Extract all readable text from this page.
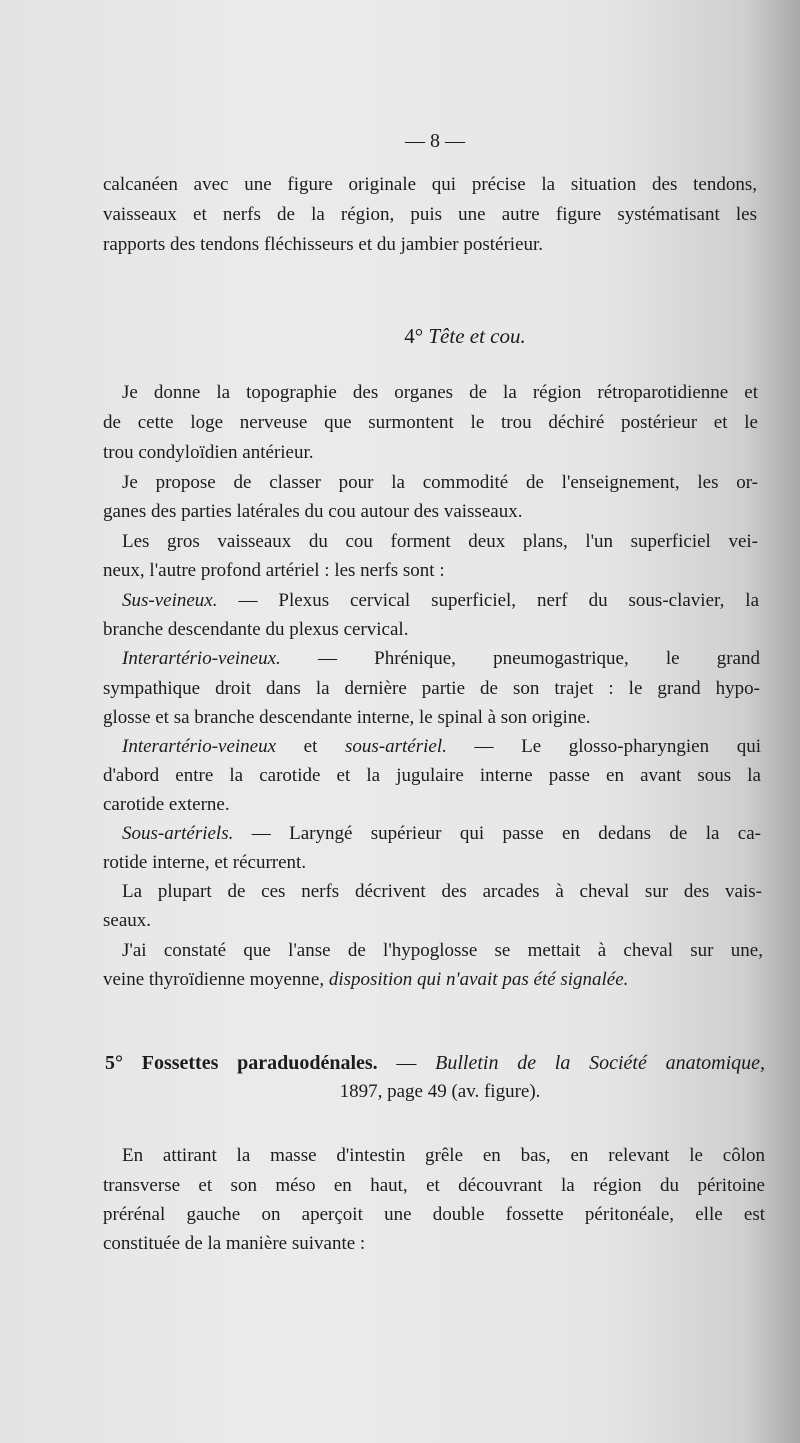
— 8 —
calcanéen avec une figure originale qui précise la situation des tendons,
vaisseaux et nerfs de la région, puis une autre figure systématisant les
rapports des tendons fléchisseurs et du jambier postérieur.
4° Tête et cou.
Je donne la topographie des organes de la région rétroparotidienne et
de cette loge nerveuse que surmontent le trou déchiré postérieur et le
trou condyloïdien antérieur.
Je propose de classer pour la commodité de l'enseignement, les or-
ganes des parties latérales du cou autour des vaisseaux.
Les gros vaisseaux du cou forment deux plans, l'un superficiel vei-
neux, l'autre profond artériel : les nerfs sont :
Sus-veineux. — Plexus cervical superficiel, nerf du sous-clavier, la
branche descendante du plexus cervical.
Interartério-veineux. — Phrénique, pneumogastrique, le grand
sympathique droit dans la dernière partie de son trajet : le grand hypo-
glosse et sa branche descendante interne, le spinal à son origine.
Interartério-veineux et sous-artériel. — Le glosso-pharyngien qui
d'abord entre la carotide et la jugulaire interne passe en avant sous la
carotide externe.
Sous-artériels. — Laryngé supérieur qui passe en dedans de la ca-
rotide interne, et récurrent.
La plupart de ces nerfs décrivent des arcades à cheval sur des vais-
seaux.
J'ai constaté que l'anse de l'hypoglosse se mettait à cheval sur une,
veine thyroïdienne moyenne, disposition qui n'avait pas été signalée.
5° Fossettes paraduodénales. — Bulletin de la Société anatomique,
1897, page 49 (av. figure).
En attirant la masse d'intestin grêle en bas, en relevant le côlon
transverse et son méso en haut, et découvrant la région du péritoine
prérénal gauche on aperçoit une double fossette péritonéale, elle est
constituée de la manière suivante :
